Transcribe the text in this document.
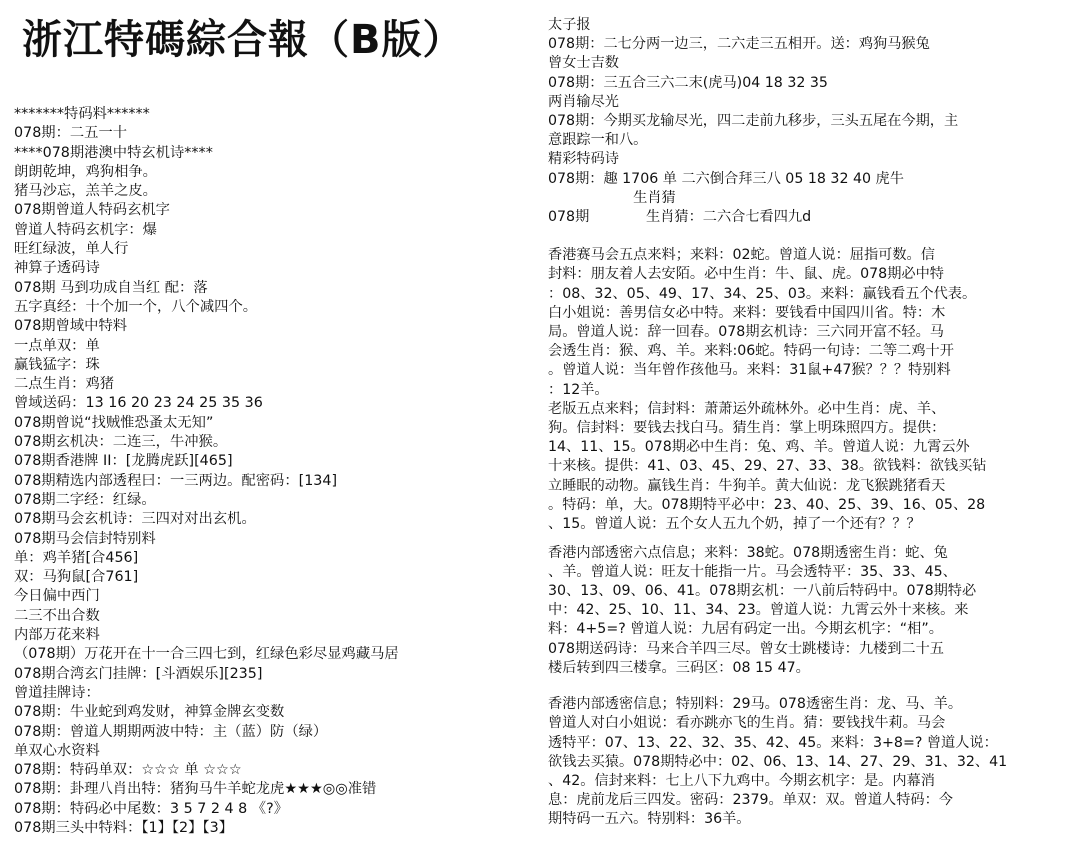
浙江特碼綜合報（B版）
*******特码料******
078期：二五一十
****078期港澳中特玄机诗****
朗朗乾坤，鸡狗相争。
猪马沙忘，羔羊之皮。
078期曾道人特码玄机字
曾道人特码玄机字：爆
旺红绿波，单人行
神算子透码诗
078期 马到功成自当红 配：落
五字真经：十个加一个，八个减四个。
078期曾域中特料
一点单双：单
赢钱猛字：珠
二点生肖：鸡猪
曾域送码：13 16 20 23 24 25 35 36
078期曾说“找贼惟恐蚤太无知”
078期玄机决：二连三，牛冲猴。
078期香港牌 II：[龙腾虎跃][465]
078期精选内部透程曰：一三两边。配密码：[134]
078期二字经：红绿。
078期马会玄机诗：三四对对出玄机。
078期马会信封特别料
单：鸡羊猪[合456]
双：马狗鼠[合761]
今日偏中西门
二三不出合数
内部万花来料
（078期）万花开在十一合三四七到，红绿色彩尽显鸡藏马居
078期合湾玄门挂牌：[斗酒娱乐][235]
曾道挂牌诗：
078期：牛业蛇到鸡发财，神算金牌玄变数
078期：曾道人期期两波中特：主（蓝）防（绿）
单双心水资料
078期：特码单双：☆☆☆ 单 ☆☆☆
078期：卦理八肖出特：猪狗马牛羊蛇龙虎★★★◎◎准错
078期：特码必中尾数：3 5 7 2 4 8 《?》
078期三头中特料：【1】【2】【3】
太子报
078期：二七分两一边三，二六走三五相开。送：鸡狗马猴兔
曾女士吉数
078期：三五合三六二末(虎马)04 18 32 35
两肖输尽光
078期：今期买龙输尽光，四二走前九移步，三头五尾在今期，主
意跟踪一和八。
精彩特码诗
078期：趣 1706 单 二六倒合拜三八 05 18 32 40 虎牛
　　　　　　生肖猜
078期　　　　生肖猜：二六合七看四九d
香港赛马会五点来料；来料：02蛇。曾道人说：屈指可数。信
封料：朋友着人去安陌。必中生肖：牛、鼠、虎。078期必中特
：08、32、05、49、17、34、25、03。来料：赢钱看五个代表。
白小姐说：善男信女必中特。来料：要钱看中国四川省。特：木
局。曾道人说：辞一回春。078期玄机诗：三六同开富不轻。马
会透生肖：猴、鸡、羊。来料:06蛇。特码一句诗：二等二鸡十开
。曾道人说：当年曾作孩他马。来料：31鼠+47猴？？？特别料
：12羊。
老版五点来料；信封料：萧萧运外疏林外。必中生肖：虎、羊、
狗。信封料：要钱去找白马。猜生肖：掌上明珠照四方。提供：
14、11、15。078期必中生肖：兔、鸡、羊。曾道人说：九霄云外
十来核。提供：41、03、45、29、27、33、38。欲钱料：欲钱买钻
立睡眠的动物。赢钱生肖：牛狗羊。黄大仙说：龙飞猴跳猪看天
。特码：单，大。078期特平必中：23、40、25、39、16、05、28
、15。曾道人说：五个女人五九个奶，掉了一个还有？？？
香港内部透密六点信息；来料：38蛇。078期透密生肖：蛇、兔
、羊。曾道人说：旺友十能指一片。马会透特平：35、33、45、
30、13、09、06、41。078期玄机：一八前后特码中。078期特必
中：42、25、10、11、34、23。曾道人说：九霄云外十来核。来
料：4+5=? 曾道人说：九居有码定一出。今期玄机字：“相”。
078期送码诗：马来合羊四三尽。曾女士跳楼诗：九楼到二十五
楼后转到四三楼拿。三码区：08 15 47。
香港内部透密信息；特别料：29马。078透密生肖：龙、马、羊。
曾道人对白小姐说：看亦跳亦飞的生肖。猜：要钱找牛莉。马会
透特平：07、13、22、32、35、42、45。来料：3+8=? 曾道人说：
欲钱去买猿。078期特必中：02、06、13、14、27、29、31、32、41
、42。信封来料：七上八下九鸡中。今期玄机字：是。内幕消
息：虎前龙后三四发。密码：2379。单双：双。曾道人特码：今
期特码一五六。特别料：36羊。
